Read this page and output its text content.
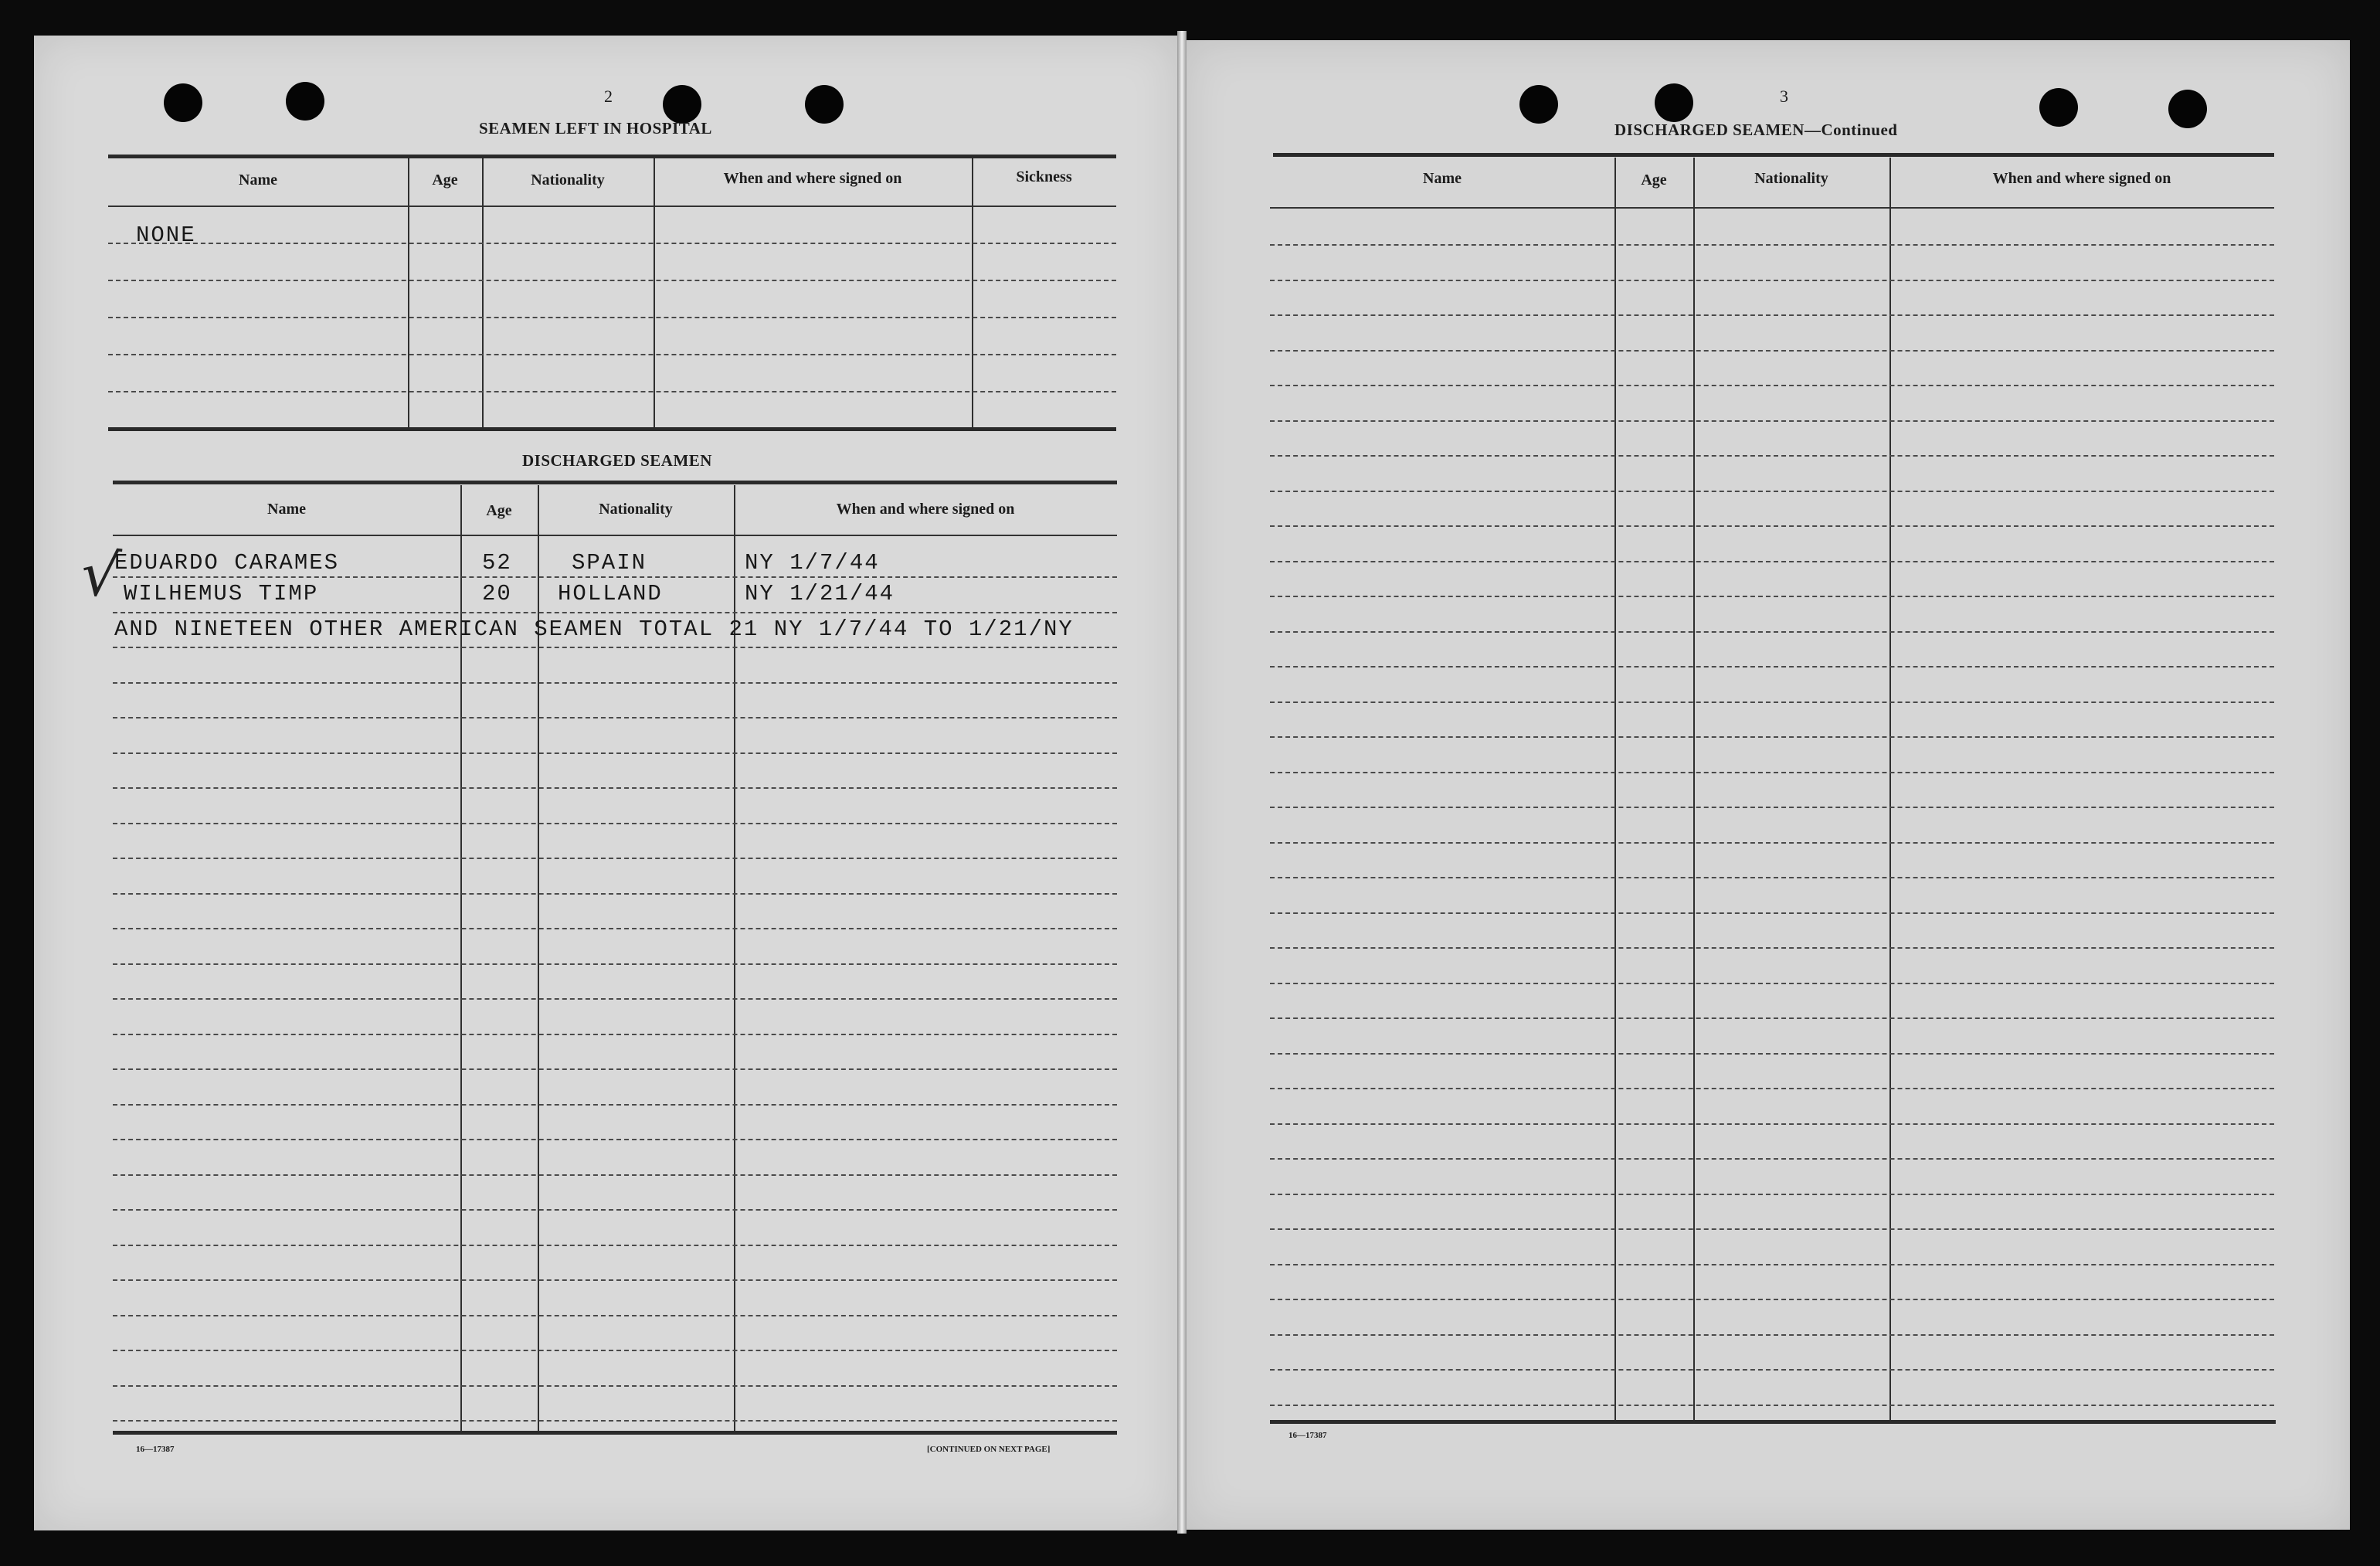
2
SEAMEN LEFT IN HOSPITAL
Name	Age	Nationality	When and where signed on	Sickness
NONE
DISCHARGED SEAMEN
Name	Age	Nationality	When and where signed on
√
EDUARDO CARAMES	52	SPAIN	NY 1/7/44
WILHEMUS TIMP	20 HOLLAND	NY 1/21/44
AND NINETEEN OTHER AMERICAN SEAMEN TOTAL 21 NY 1/7/44 TO 1/21/NY
16—17387	[CONTINUED ON NEXT PAGE]
3
DISCHARGED SEAMEN—Continued
Name	Age	Nationality	When and where signed on
16—17387
